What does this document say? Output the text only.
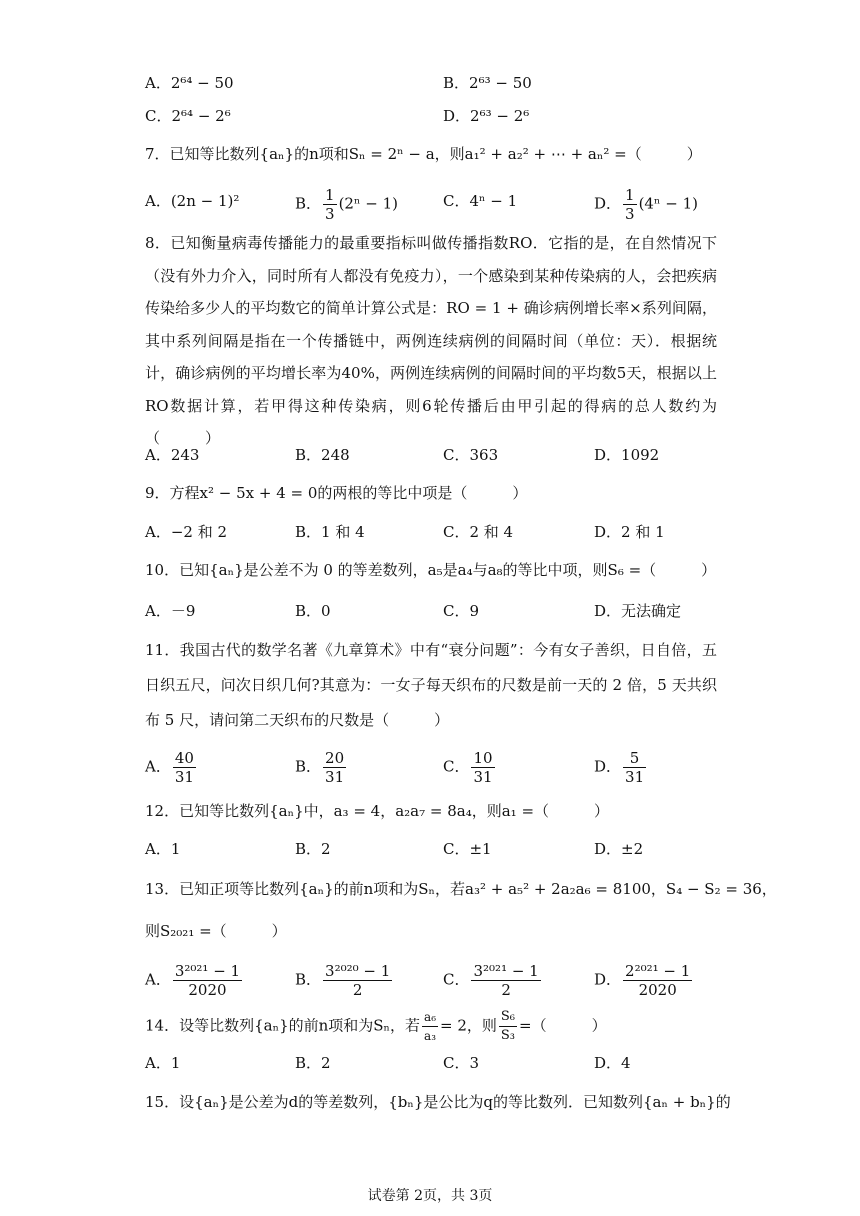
A．2⁶⁴ − 50	B．2⁶³ − 50
C．2⁶⁴ − 2⁶	D．2⁶³ − 2⁶
7．已知等比数列{aₙ}的n项和Sₙ = 2ⁿ − a，则a₁² + a₂² + ⋯ + aₙ² =（　　　）
A．(2n − 1)²	B． $\frac{1}{3} (2^n - 1)$	C．4ⁿ − 1	D． $\frac{1}{3} (4^n - 1)$
8．已知衡量病毒传播能力的最重要指标叫做传播指数RO．它指的是，在自然情况下（没有外力介入，同时所有人都没有免疫力），一个感染到某种传染病的人，会把疾病传染给多少人的平均数它的简单计算公式是：RO = 1 + 确诊病例增长率×系列间隔，其中系列间隔是指在一个传播链中，两例连续病例的间隔时间（单位：天）．根据统计，确诊病例的平均增长率为40%，两例连续病例的间隔时间的平均数5天，根据以上RO数据计算，若甲得这种传染病，则6轮传播后由甲引起的得病的总人数约为（　　　）
A．243	B．248	C．363	D．1092
9．方程x² − 5x + 4 = 0的两根的等比中项是（　　　）
A．−2 和 2	B．1 和 4	C．2 和 4	D．2 和 1
10．已知{aₙ}是公差不为 0 的等差数列，a₅是a₄与a₈的等比中项，则S₆ =（　　　）
A．－9	B．0	C．9	D．无法确定
11．我国古代的数学名著《九章算术》中有“衰分问题”：今有女子善织，日自倍，五日织五尺，问次日织几何?其意为：一女子每天织布的尺数是前一天的 2 倍，5 天共织布 5 尺，请问第二天织布的尺数是（　　　）
A． $\frac{40}{31}$	B． $\frac{20}{31}$	C． $\frac{10}{31}$	D． $\frac{5}{31}$
12．已知等比数列{aₙ}中，a₃ = 4，a₂a₇ = 8a₄，则a₁ =（　　　）
A．1	B．2	C．±1	D．±2
13．已知正项等比数列{aₙ}的前n项和为Sₙ，若a₃² + a₅² + 2a₂a₆ = 8100，S₄ − S₂ = 36，
则S₂₀₂₁ =（　　　）
A． $\frac{\text{3²⁰²¹ − 1}}{2020}$	B． $\frac{\text{3²⁰²⁰ − 1}}{2}$	C． $\frac{\text{3²⁰²¹ − 1}}{2}$	D． $\frac{\text{2²⁰²¹ − 1}}{2020}$
14．设等比数列{aₙ}的前n项和为Sₙ，若 $\frac{\text{a₆}}{\text{a₃}} = 2$，则 $\frac{\text{S₆}}{\text{S₃}}$ =（　　　）
A．1	B．2	C．3	D．4
15．设{aₙ}是公差为d的等差数列，{bₙ}是公比为q的等比数列．已知数列{aₙ + bₙ}的
试卷第 2页，共 3页
